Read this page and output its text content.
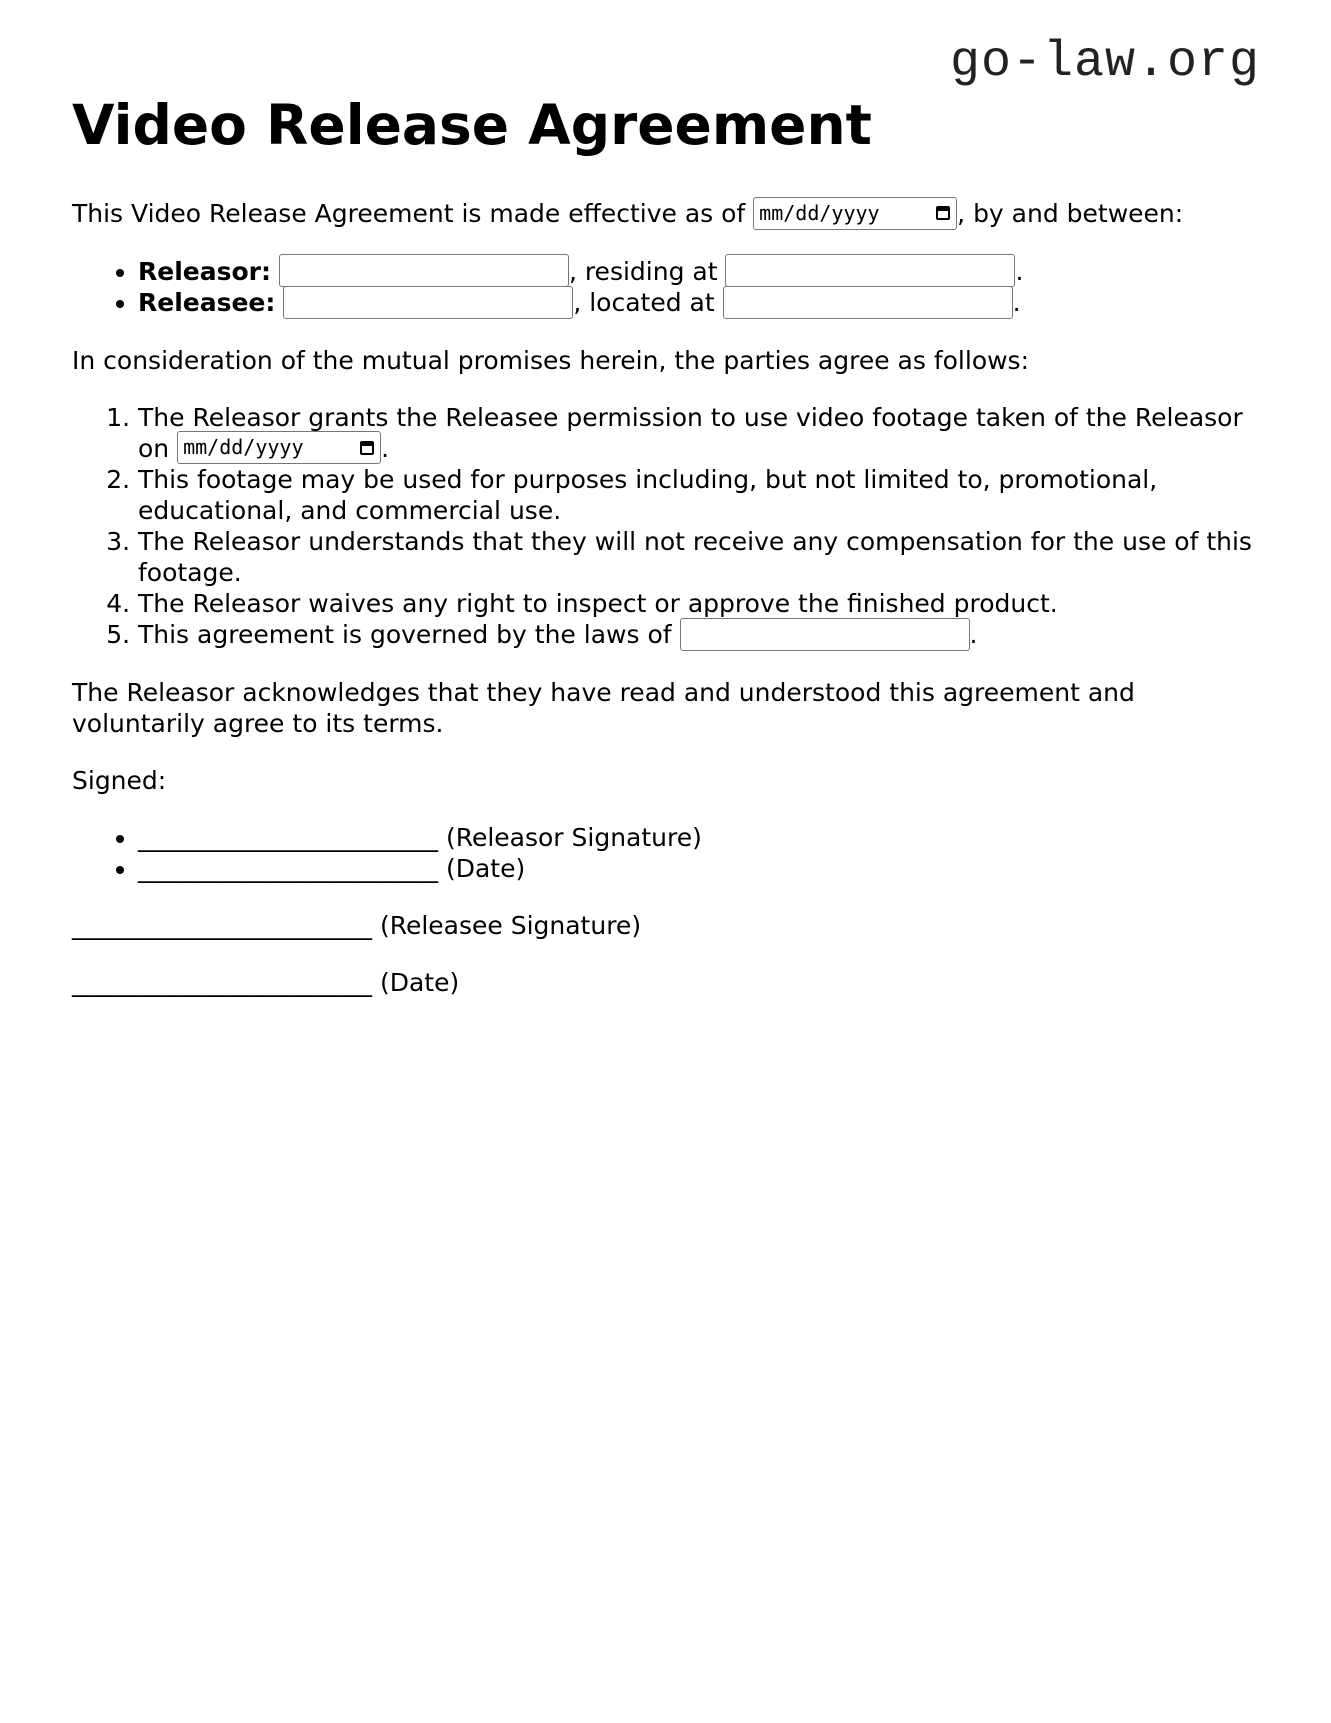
go-law.org
Video Release Agreement

This Video Release Agreement is made effective as of mm/dd/yyyy	, by and between:

• Releasor:	, residing at	.
• Releasee:	, located at	.

In consideration of the mutual promises herein, the parties agree as follows:

1. The Releasor grants the Releasee permission to use video footage taken of the Releasor on mm/dd/yyyy	.
2. This footage may be used for purposes including, but not limited to, promotional, educational, and commercial use.
3. The Releasor understands that they will not receive any compensation for the use of this footage.
4. The Releasor waives any right to inspect or approve the finished product.
5. This agreement is governed by the laws of	.

The Releasor acknowledges that they have read and understood this agreement and voluntarily agree to its terms.

Signed:

• ________________________ (Releasor Signature)
• ________________________ (Date)

________________________ (Releasee Signature)

________________________ (Date)
